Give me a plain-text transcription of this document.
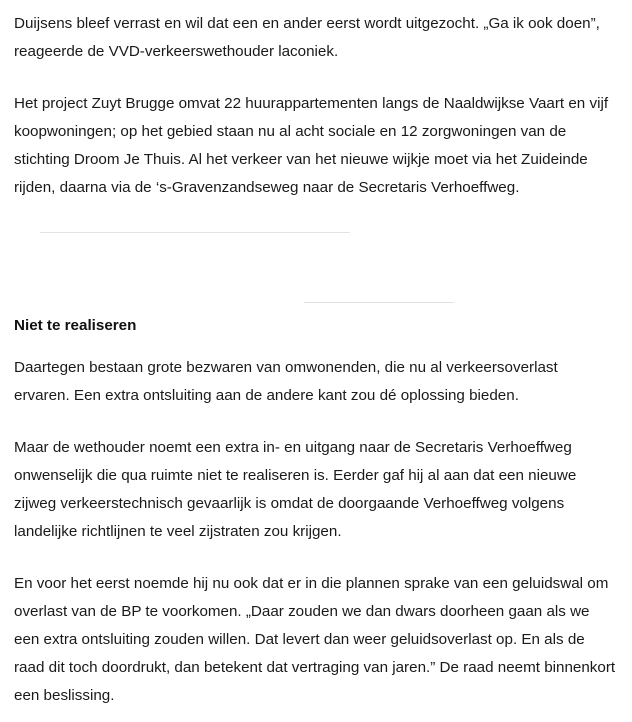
Duijsens bleef verrast en wil dat een en ander eerst wordt uitgezocht. „Ga ik ook doen”, reageerde de VVD-verkeerswethouder laconiek.

Het project Zuyt Brugge omvat 22 huurappartementen langs de Naaldwijkse Vaart en vijf koopwoningen; op het gebied staan nu al acht sociale en 12 zorgwoningen van de stichting Droom Je Thuis. Al het verkeer van het nieuwe wijkje moet via het Zuideinde rijden, daarna via de ‘s-Gravenzandseweg naar de Secretaris Verhoeffweg.

Niet te realiseren

Daartegen bestaan grote bezwaren van omwonenden, die nu al verkeersoverlast ervaren. Een extra ontsluiting aan de andere kant zou dé oplossing bieden.

Maar de wethouder noemt een extra in- en uitgang naar de Secretaris Verhoeffweg onwenselijk die qua ruimte niet te realiseren is. Eerder gaf hij al aan dat een nieuwe zijweg verkeerstechnisch gevaarlijk is omdat de doorgaande Verhoeffweg volgens landelijke richtlijnen te veel zijstraten zou krijgen.

En voor het eerst noemde hij nu ook dat er in die plannen sprake van een geluidswal om overlast van de BP te voorkomen. „Daar zouden we dan dwars doorheen gaan als we een extra ontsluiting zouden willen. Dat levert dan weer geluidsoverlast op. En als de raad dit toch doordrukt, dan betekent dat vertraging van jaren.” De raad neemt binnenkort een beslissing.
